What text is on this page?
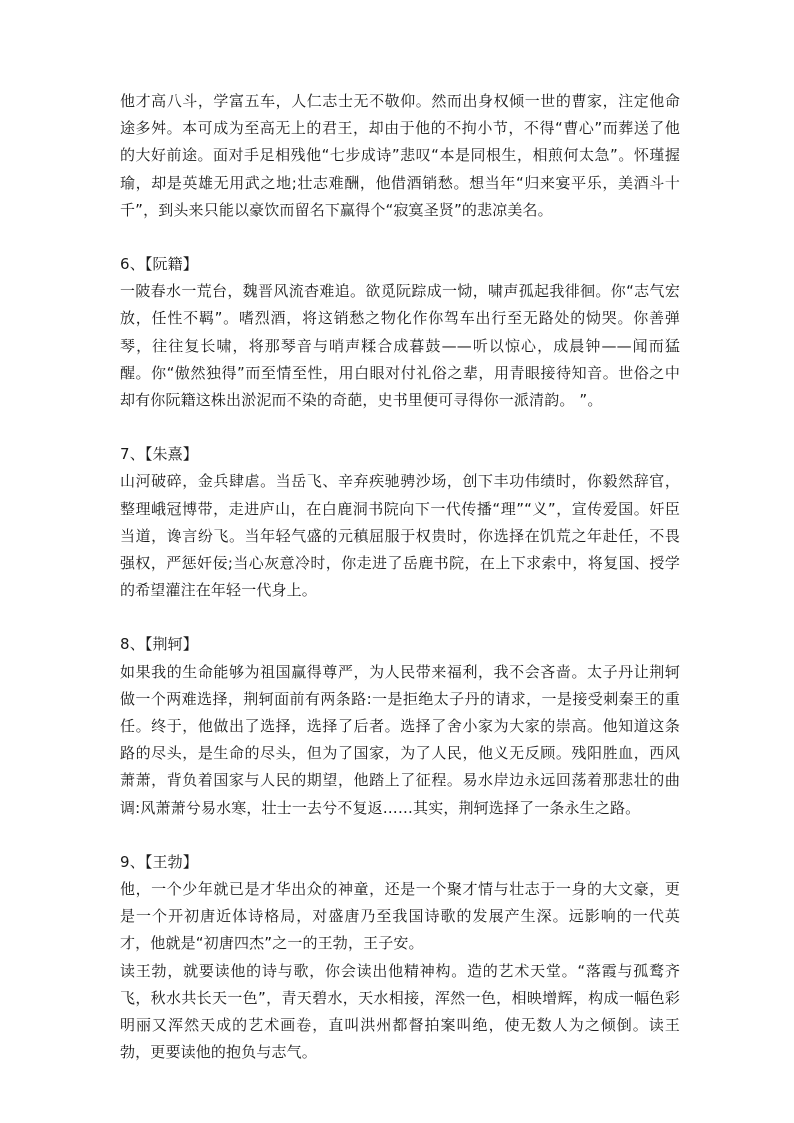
他才高八斗，学富五车，人仁志士无不敬仰。然而出身权倾一世的曹家，注定他命途多舛。本可成为至高无上的君王，却由于他的不拘小节，不得“曹心”而葬送了他的大好前途。面对手足相残他“七步成诗”悲叹“本是同根生，相煎何太急”。怀瑾握瑜，却是英雄无用武之地;壮志难酬，他借酒销愁。想当年“归来宴平乐，美酒斗十千”，到头来只能以豪饮而留名下赢得个“寂寞圣贤”的悲凉美名。

6、【阮籍】

一陂春水一荒台，魏晋风流杳难追。欲觅阮踪成一恸，啸声孤起我徘徊。你“志气宏放，任性不羁”。嗜烈酒，将这销愁之物化作你驾车出行至无路处的恸哭。你善弹琴，往往复长啸，将那琴音与哨声糅合成暮鼓——听以惊心，成晨钟——闻而猛醒。你“傲然独得”而至情至性，用白眼对付礼俗之辈，用青眼接待知音。世俗之中却有你阮籍这株出淤泥而不染的奇葩，史书里便可寻得你一派清韵。 ”。

7、【朱熹】

山河破碎，金兵肆虐。当岳飞、辛弃疾驰骋沙场，创下丰功伟绩时，你毅然辞官，整理峨冠博带，走进庐山，在白鹿洞书院向下一代传播“理”“义”，宣传爱国。奸臣当道，谗言纷飞。当年轻气盛的元稹屈服于权贵时，你选择在饥荒之年赴任，不畏强权，严惩奸佞;当心灰意冷时，你走进了岳鹿书院，在上下求索中，将复国、授学的希望灌注在年轻一代身上。

8、【荆轲】

如果我的生命能够为祖国赢得尊严，为人民带来福利，我不会吝啬。太子丹让荆轲做一个两难选择，荆轲面前有两条路:一是拒绝太子丹的请求，一是接受刺秦王的重任。终于，他做出了选择，选择了后者。选择了舍小家为大家的崇高。他知道这条路的尽头，是生命的尽头，但为了国家，为了人民，他义无反顾。残阳胜血，西风萧萧，背负着国家与人民的期望，他踏上了征程。易水岸边永远回荡着那悲壮的曲调:风萧萧兮易水寒，壮士一去兮不复返……其实，荆轲选择了一条永生之路。

9、【王勃】

他，一个少年就已是才华出众的神童，还是一个聚才情与壮志于一身的大文豪，更是一个开初唐近体诗格局，对盛唐乃至我国诗歌的发展产生深。远影响的一代英才，他就是“初唐四杰”之一的王勃，王子安。

读王勃，就要读他的诗与歌，你会读出他精神构。造的艺术天堂。“落霞与孤鹜齐飞，秋水共长天一色”，青天碧水，天水相接，浑然一色，相映增辉，构成一幅色彩明丽又浑然天成的艺术画卷，直叫洪州都督拍案叫绝，使无数人为之倾倒。读王勃，更要读他的抱负与志气。
